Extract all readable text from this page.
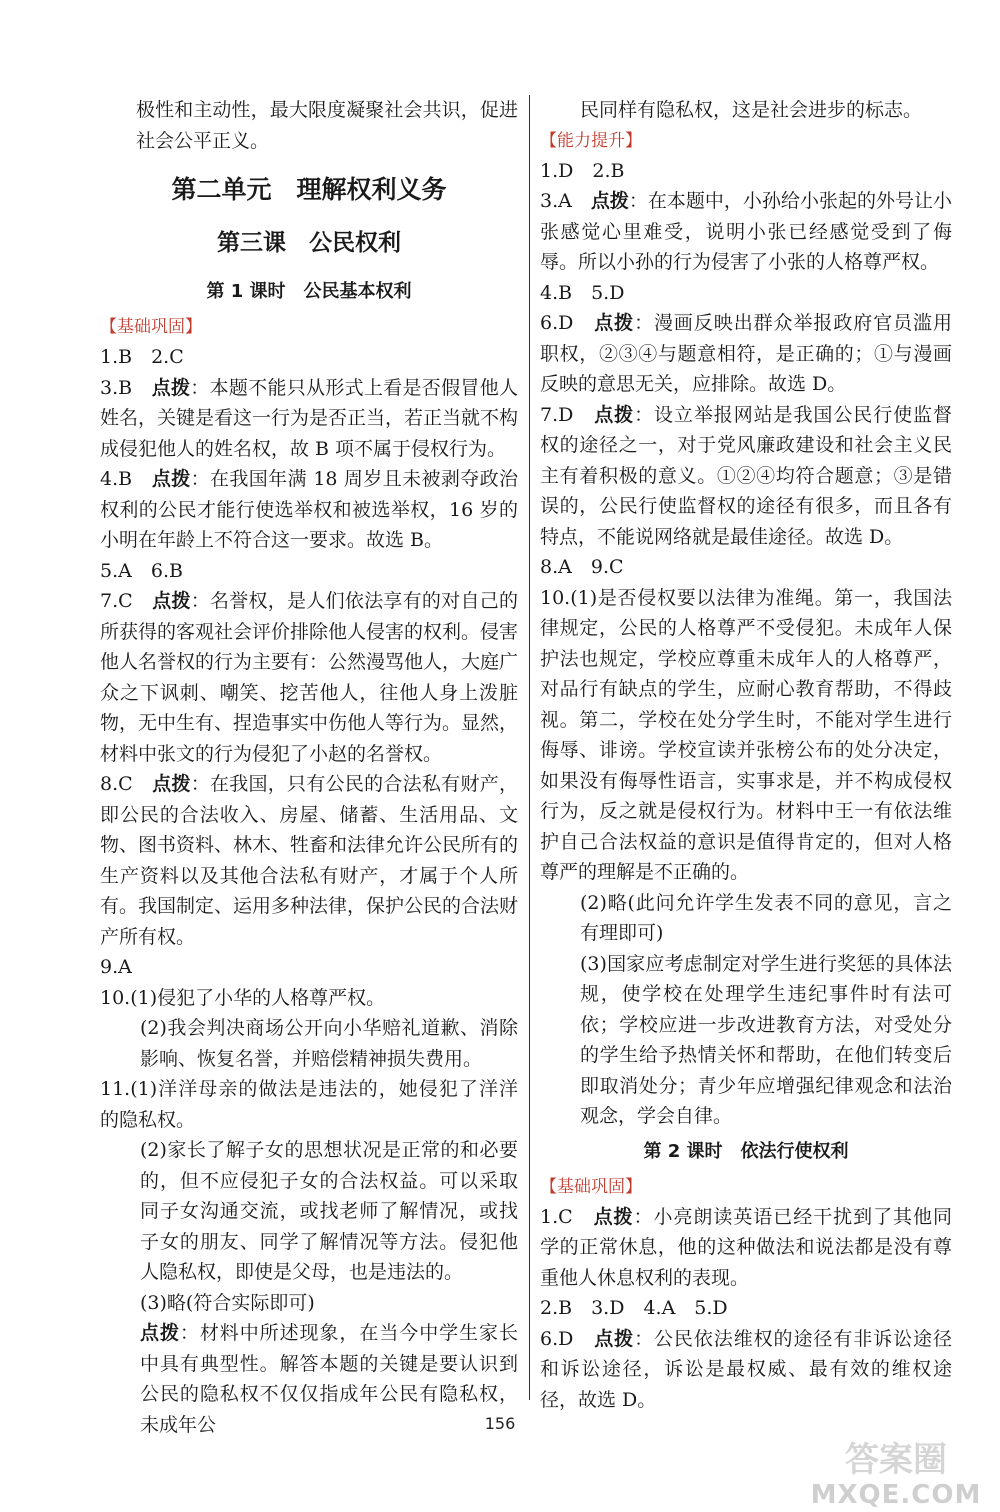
极性和主动性，最大限度凝聚社会共识，促进社会公平正义。

第二单元　理解权利义务
第三课　公民权利
第 1 课时　公民基本权利
【基础巩固】

1.B　2.C

3.B　点拨：本题不能只从形式上看是否假冒他人姓名，关键是看这一行为是否正当，若正当就不构成侵犯他人的姓名权，故 B 项不属于侵权行为。

4.B　点拨：在我国年满 18 周岁且未被剥夺政治权利的公民才能行使选举权和被选举权，16 岁的小明在年龄上不符合这一要求。故选 B。

5.A　6.B

7.C　点拨：名誉权，是人们依法享有的对自己的所获得的客观社会评价排除他人侵害的权利。侵害他人名誉权的行为主要有：公然漫骂他人，大庭广众之下讽刺、嘲笑、挖苦他人，往他人身上泼脏物，无中生有、捏造事实中伤他人等行为。显然，材料中张文的行为侵犯了小赵的名誉权。

8.C　点拨：在我国，只有公民的合法私有财产，即公民的合法收入、房屋、储蓄、生活用品、文物、图书资料、林木、牲畜和法律允许公民所有的生产资料以及其他合法私有财产，才属于个人所有。我国制定、运用多种法律，保护公民的合法财产所有权。

9.A

10.(1)侵犯了小华的人格尊严权。

(2)我会判决商场公开向小华赔礼道歉、消除影响、恢复名誉，并赔偿精神损失费用。

11.(1)洋洋母亲的做法是违法的，她侵犯了洋洋的隐私权。

(2)家长了解子女的思想状况是正常的和必要的，但不应侵犯子女的合法权益。可以采取同子女沟通交流，或找老师了解情况，或找子女的朋友、同学了解情况等方法。侵犯他人隐私权，即使是父母，也是违法的。

(3)略(符合实际即可)

点拨：材料中所述现象，在当今中学生家长中具有典型性。解答本题的关键是要认识到公民的隐私权不仅仅指成年公民有隐私权，未成年公

民同样有隐私权，这是社会进步的标志。

【能力提升】

1.D　2.B

3.A　点拨：在本题中，小孙给小张起的外号让小张感觉心里难受，说明小张已经感觉受到了侮辱。所以小孙的行为侵害了小张的人格尊严权。

4.B　5.D

6.D　点拨：漫画反映出群众举报政府官员滥用职权，②③④与题意相符，是正确的；①与漫画反映的意思无关，应排除。故选 D。

7.D　点拨：设立举报网站是我国公民行使监督权的途径之一，对于党风廉政建设和社会主义民主有着积极的意义。①②④均符合题意；③是错误的，公民行使监督权的途径有很多，而且各有特点，不能说网络就是最佳途径。故选 D。

8.A　9.C

10.(1)是否侵权要以法律为准绳。第一，我国法律规定，公民的人格尊严不受侵犯。未成年人保护法也规定，学校应尊重未成年人的人格尊严，对品行有缺点的学生，应耐心教育帮助，不得歧视。第二，学校在处分学生时，不能对学生进行侮辱、诽谤。学校宣读并张榜公布的处分决定，如果没有侮辱性语言，实事求是，并不构成侵权行为，反之就是侵权行为。材料中王一有依法维护自己合法权益的意识是值得肯定的，但对人格尊严的理解是不正确的。

(2)略(此问允许学生发表不同的意见，言之有理即可)

(3)国家应考虑制定对学生进行奖惩的具体法规，使学校在处理学生违纪事件时有法可依；学校应进一步改进教育方法，对受处分的学生给予热情关怀和帮助，在他们转变后即取消处分；青少年应增强纪律观念和法治观念，学会自律。

第 2 课时　依法行使权利
【基础巩固】

1.C　点拨：小亮朗读英语已经干扰到了其他同学的正常休息，他的这种做法和说法都是没有尊重他人休息权利的表现。

2.B　3.D　4.A　5.D

6.D　点拨：公民依法维权的途径有非诉讼途径和诉讼途径，诉讼是最权威、最有效的维权途径，故选 D。

156
答案圈
MXQE.COM
